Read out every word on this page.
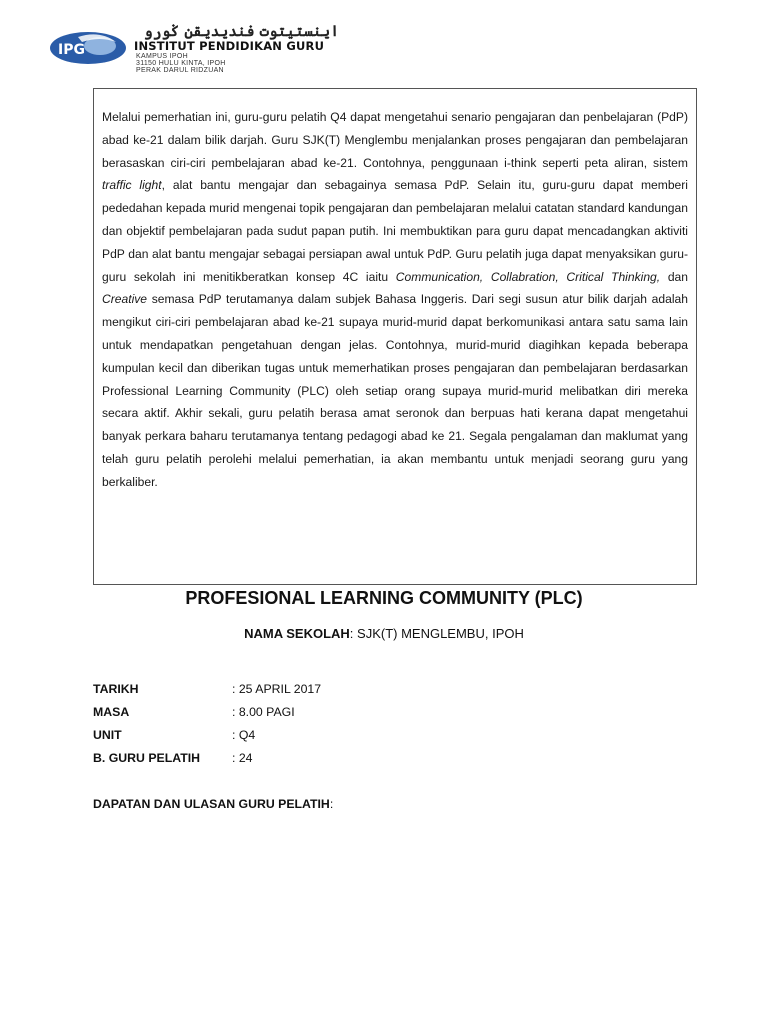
IPG
اينستيتوت فنديديقن ݢورو
INSTITUT PENDIDIKAN GURU
KAMPUS IPOH
31150 HULU KINTA, IPOH
PERAK DARUL RIDZUAN

Melalui pemerhatian ini, guru-guru pelatih Q4 dapat mengetahui senario pengajaran dan penbelajaran (PdP) abad ke-21 dalam bilik darjah. Guru SJK(T) Menglembu menjalankan proses pengajaran dan pembelajaran berasaskan ciri-ciri pembelajaran abad ke-21. Contohnya, penggunaan i-think seperti peta aliran, sistem traffic light, alat bantu mengajar dan sebagainya semasa PdP. Selain itu, guru-guru dapat memberi pededahan kepada murid mengenai topik pengajaran dan pembelajaran melalui catatan standard kandungan dan objektif pembelajaran pada sudut papan putih. Ini membuktikan para guru dapat mencadangkan aktiviti PdP dan alat bantu mengajar sebagai persiapan awal untuk PdP. Guru pelatih juga dapat menyaksikan guru-guru sekolah ini menitikberatkan konsep 4C iaitu Communication, Collabration, Critical Thinking, dan Creative semasa PdP terutamanya dalam subjek Bahasa Inggeris. Dari segi susun atur bilik darjah adalah mengikut ciri-ciri pembelajaran abad ke-21 supaya murid-murid dapat berkomunikasi antara satu sama lain untuk mendapatkan pengetahuan dengan jelas. Contohnya, murid-murid diagihkan kepada beberapa kumpulan kecil dan diberikan tugas untuk memerhatikan proses pengajaran dan pembelajaran berdasarkan Professional Learning Community (PLC) oleh setiap orang supaya murid-murid melibatkan diri mereka secara aktif. Akhir sekali, guru pelatih berasa amat seronok dan berpuas hati kerana dapat mengetahui banyak perkara baharu terutamanya tentang pedagogi abad ke 21. Segala pengalaman dan maklumat yang telah guru pelatih perolehi melalui pemerhatian, ia akan membantu untuk menjadi seorang guru yang berkaliber.

PROFESIONAL LEARNING COMMUNITY (PLC)
NAMA SEKOLAH: SJK(T) MENGLEMBU, IPOH
TARIKH	: 25 APRIL 2017
MASA	: 8.00 PAGI
UNIT	: Q4
B. GURU PELATIH	: 24
DAPATAN DAN ULASAN GURU PELATIH:
